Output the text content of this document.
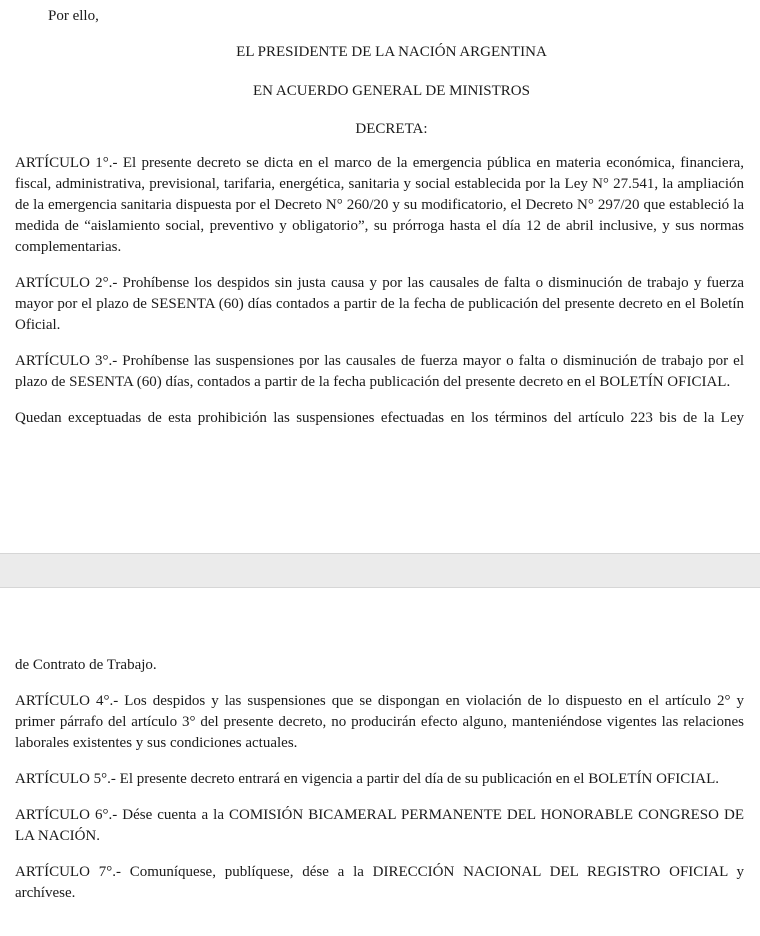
Por ello,

EL PRESIDENTE DE LA NACIÓN ARGENTINA

EN ACUERDO GENERAL DE MINISTROS

DECRETA:

ARTÍCULO 1°.- El presente decreto se dicta en el marco de la emergencia pública en materia económica, financiera, fiscal, administrativa, previsional, tarifaria, energética, sanitaria y social establecida por la Ley N° 27.541, la ampliación de la emergencia sanitaria dispuesta por el Decreto N° 260/20 y su modificatorio, el Decreto N° 297/20 que estableció la medida de “aislamiento social, preventivo y obligatorio”, su prórroga hasta el día 12 de abril inclusive, y sus normas complementarias.

ARTÍCULO 2°.- Prohíbense los despidos sin justa causa y por las causales de falta o disminución de trabajo y fuerza mayor por el plazo de SESENTA (60) días contados a partir de la fecha de publicación del presente decreto en el Boletín Oficial.

ARTÍCULO 3°.- Prohíbense las suspensiones por las causales de fuerza mayor o falta o disminución de trabajo por el plazo de SESENTA (60) días, contados a partir de la fecha publicación del presente decreto en el BOLETÍN OFICIAL.

Quedan exceptuadas de esta prohibición las suspensiones efectuadas en los términos del artículo 223 bis de la Ley

de Contrato de Trabajo.

ARTÍCULO 4°.- Los despidos y las suspensiones que se dispongan en violación de lo dispuesto en el artículo 2° y primer párrafo del artículo 3° del presente decreto, no producirán efecto alguno, manteniéndose vigentes las relaciones laborales existentes y sus condiciones actuales.

ARTÍCULO 5°.- El presente decreto entrará en vigencia a partir del día de su publicación en el BOLETÍN OFICIAL.

ARTÍCULO 6°.- Dése cuenta a la COMISIÓN BICAMERAL PERMANENTE DEL HONORABLE CONGRESO DE LA NACIÓN.

ARTÍCULO 7°.- Comuníquese, publíquese, dése a la DIRECCIÓN NACIONAL DEL REGISTRO OFICIAL y archívese.
